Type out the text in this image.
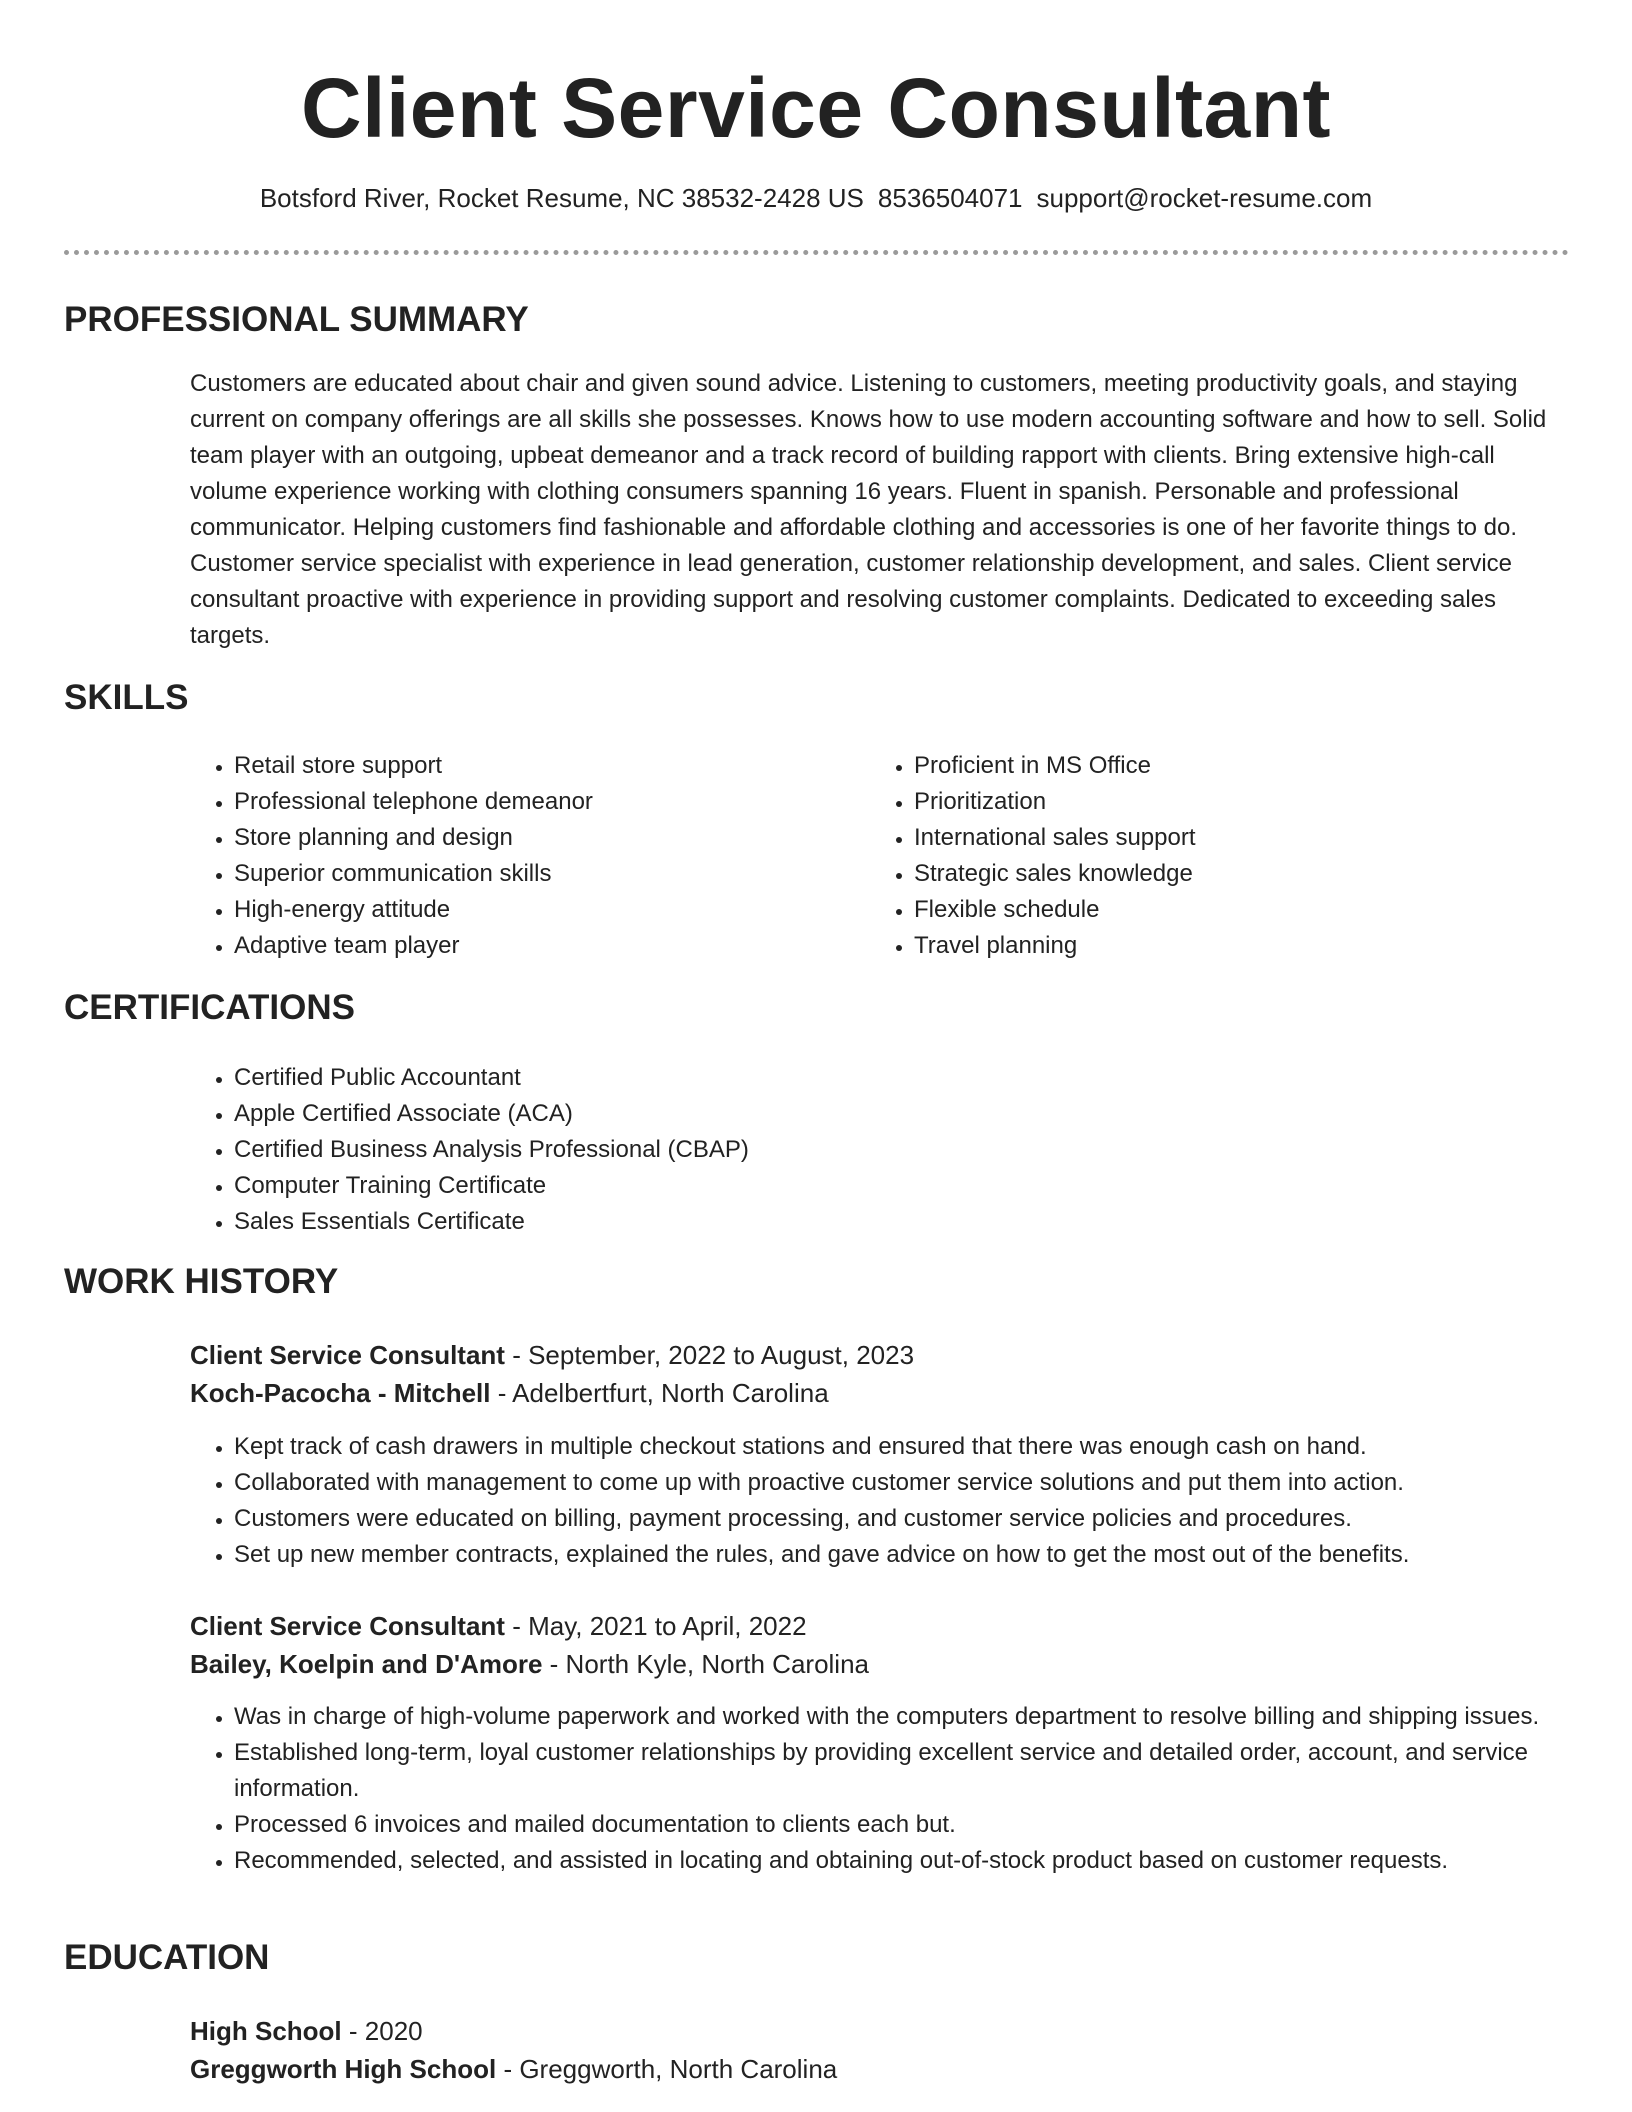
Client Service Consultant
Botsford River, Rocket Resume, NC 38532-2428 US 8536504071 support@rocket-resume.com
PROFESSIONAL SUMMARY
Customers are educated about chair and given sound advice. Listening to customers, meeting productivity goals, and staying current on company offerings are all skills she possesses. Knows how to use modern accounting software and how to sell. Solid team player with an outgoing, upbeat demeanor and a track record of building rapport with clients. Bring extensive high-call volume experience working with clothing consumers spanning 16 years. Fluent in spanish. Personable and professional communicator. Helping customers find fashionable and affordable clothing and accessories is one of her favorite things to do. Customer service specialist with experience in lead generation, customer relationship development, and sales. Client service consultant proactive with experience in providing support and resolving customer complaints. Dedicated to exceeding sales targets.
SKILLS
• Retail store support
• Professional telephone demeanor
• Store planning and design
• Superior communication skills
• High-energy attitude
• Adaptive team player
• Proficient in MS Office
• Prioritization
• International sales support
• Strategic sales knowledge
• Flexible schedule
• Travel planning
CERTIFICATIONS
• Certified Public Accountant
• Apple Certified Associate (ACA)
• Certified Business Analysis Professional (CBAP)
• Computer Training Certificate
• Sales Essentials Certificate
WORK HISTORY
Client Service Consultant - September, 2022 to August, 2023
Koch-Pacocha - Mitchell - Adelbertfurt, North Carolina
• Kept track of cash drawers in multiple checkout stations and ensured that there was enough cash on hand.
• Collaborated with management to come up with proactive customer service solutions and put them into action.
• Customers were educated on billing, payment processing, and customer service policies and procedures.
• Set up new member contracts, explained the rules, and gave advice on how to get the most out of the benefits.
Client Service Consultant - May, 2021 to April, 2022
Bailey, Koelpin and D'Amore - North Kyle, North Carolina
• Was in charge of high-volume paperwork and worked with the computers department to resolve billing and shipping issues.
• Established long-term, loyal customer relationships by providing excellent service and detailed order, account, and service information.
• Processed 6 invoices and mailed documentation to clients each but.
• Recommended, selected, and assisted in locating and obtaining out-of-stock product based on customer requests.
EDUCATION
High School - 2020
Greggworth High School - Greggworth, North Carolina
